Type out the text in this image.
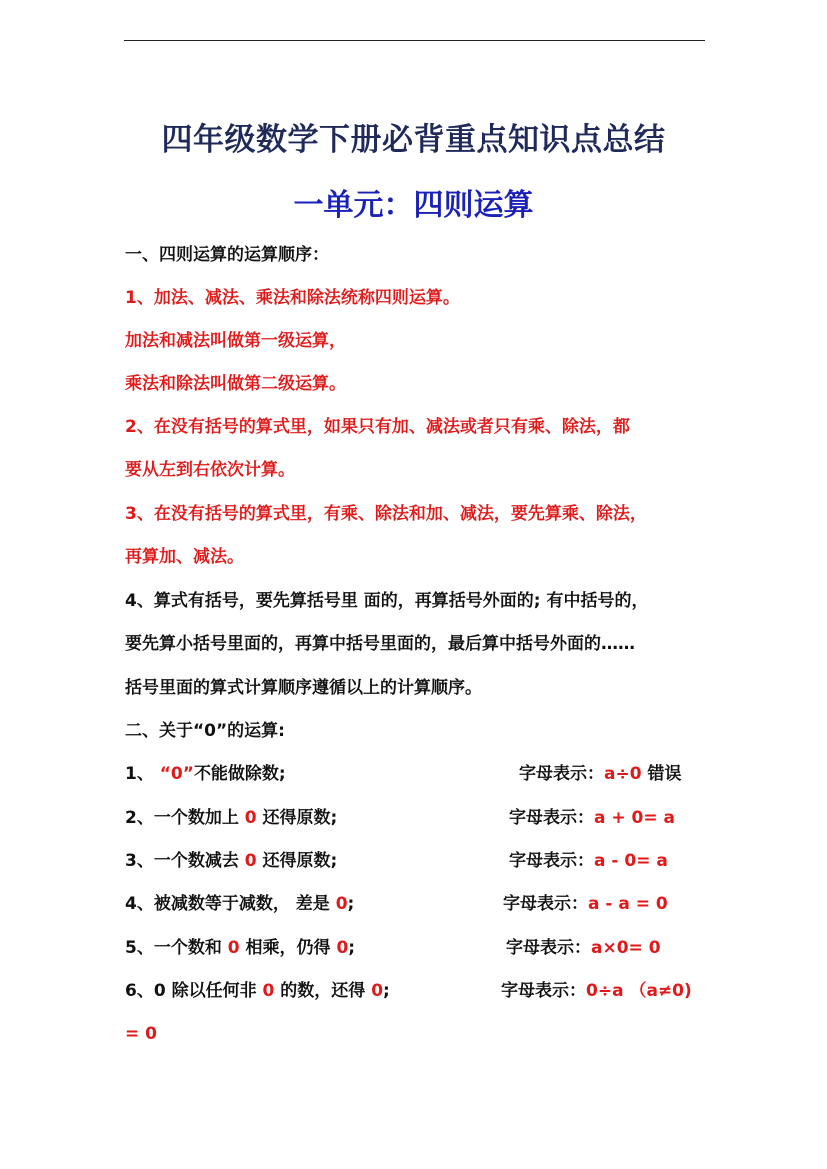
四年级数学下册必背重点知识点总结
一单元：四则运算
一、四则运算的运算顺序：
1、加法、减法、乘法和除法统称四则运算。
加法和减法叫做第一级运算，
乘法和除法叫做第二级运算。
2、在没有括号的算式里，如果只有加、减法或者只有乘、除法，都
要从左到右依次计算。
3、在没有括号的算式里，有乘、除法和加、减法，要先算乘、除法，
再算加、减法。
4、算式有括号，要先算括号里 面的，再算括号外面的; 有中括号的，
要先算小括号里面的，再算中括号里面的，最后算中括号外面的……
括号里面的算式计算顺序遵循以上的计算顺序。
二、关于“0”的运算:
1、 “0”不能做除数;	字母表示：a÷0 错误
2、一个数加上 0 还得原数;	字母表示：a + 0= a
3、一个数减去 0 还得原数;	字母表示：a - 0= a
4、被减数等于减数， 差是 0;	字母表示：a - a = 0
5、一个数和 0 相乘，仍得 0;	字母表示：a×0= 0
6、0 除以任何非 0 的数，还得 0;	字母表示：0÷a （a≠0)
= 0
